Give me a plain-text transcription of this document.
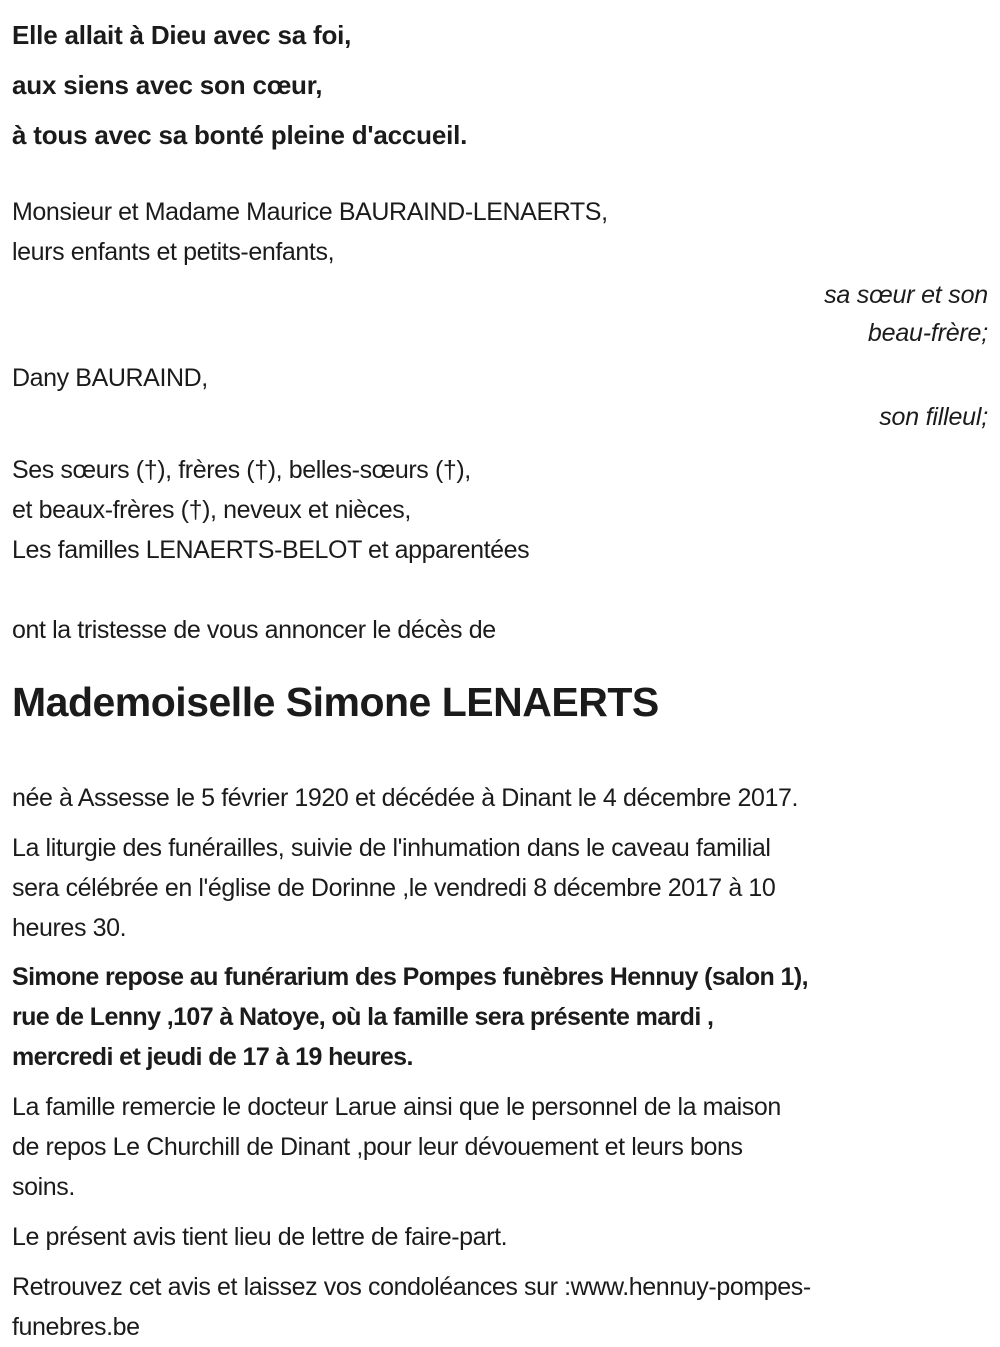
Elle allait à Dieu avec sa foi,
aux siens avec son cœur,
à tous avec sa bonté pleine d'accueil.
Monsieur et Madame Maurice BAURAIND-LENAERTS,
leurs enfants et petits-enfants,
sa sœur et son
beau-frère;
Dany BAURAIND,
son filleul;
Ses sœurs (†), frères (†), belles-sœurs (†),
et beaux-frères (†), neveux et nièces,
Les familles LENAERTS-BELOT et apparentées

ont la tristesse de vous annoncer le décès de

Mademoiselle Simone LENAERTS

née à Assesse le 5 février 1920 et décédée à Dinant le 4 décembre 2017.

La liturgie des funérailles, suivie de l'inhumation dans le caveau familial
sera célébrée en l'église de Dorinne ,le vendredi 8 décembre 2017 à 10
heures 30.
Simone repose au funérarium des Pompes funèbres Hennuy (salon 1),
rue de Lenny ,107 à Natoye, où la famille sera présente mardi ,
mercredi et jeudi de 17 à 19 heures.
La famille remercie le docteur Larue ainsi que le personnel de la maison
de repos Le Churchill de Dinant ,pour leur dévouement et leurs bons
soins.

Le présent avis tient lieu de lettre de faire-part.

Retrouvez cet avis et laissez vos condoléances sur :www.hennuy-pompes-
funebres.be
